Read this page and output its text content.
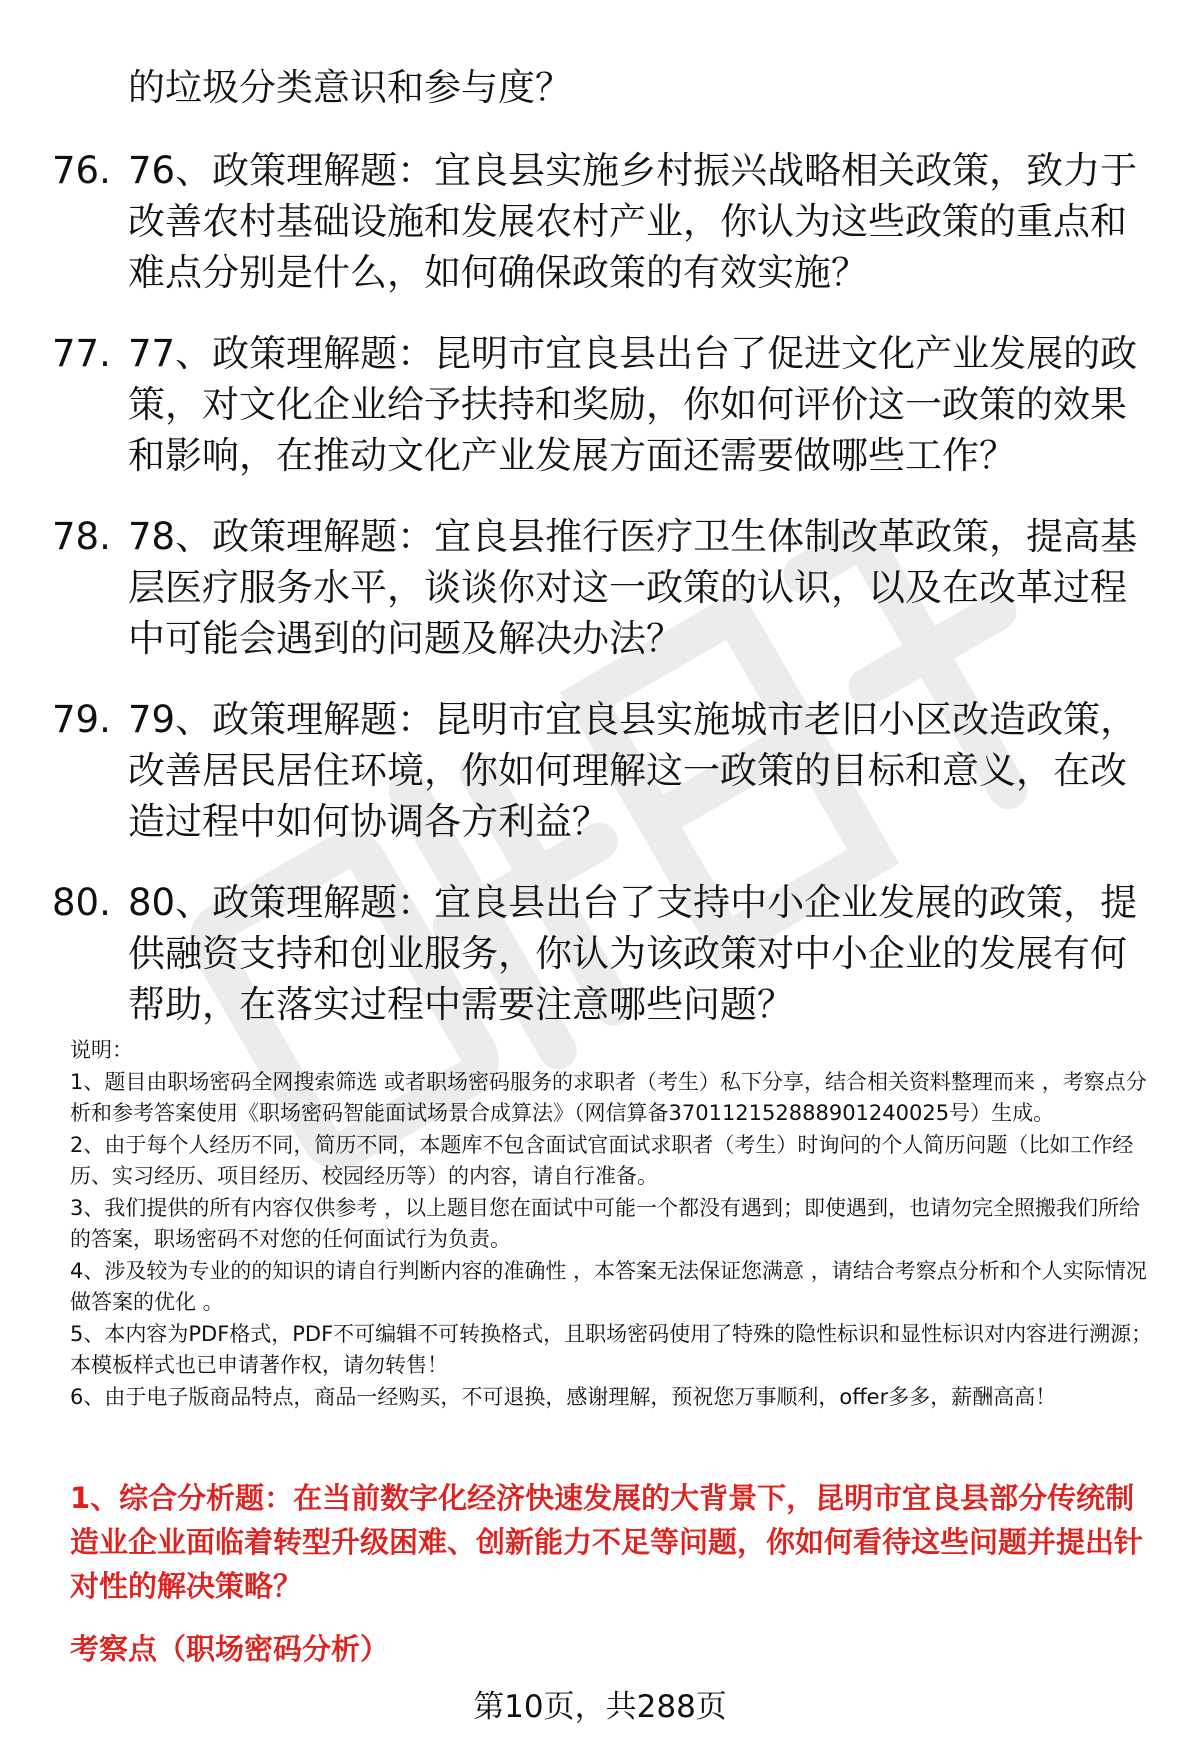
的垃圾分类意识和参与度？
76. 76、政策理解题：宜良县实施乡村振兴战略相关政策，致力于改善农村基础设施和发展农村产业，你认为这些政策的重点和难点分别是什么，如何确保政策的有效实施？
77. 77、政策理解题：昆明市宜良县出台了促进文化产业发展的政策，对文化企业给予扶持和奖励，你如何评价这一政策的效果和影响，在推动文化产业发展方面还需要做哪些工作？
78. 78、政策理解题：宜良县推行医疗卫生体制改革政策，提高基层医疗服务水平，谈谈你对这一政策的认识，以及在改革过程中可能会遇到的问题及解决办法？
79. 79、政策理解题：昆明市宜良县实施城市老旧小区改造政策，改善居民居住环境，你如何理解这一政策的目标和意义，在改造过程中如何协调各方利益？
80. 80、政策理解题：宜良县出台了支持中小企业发展的政策，提供融资支持和创业服务，你认为该政策对中小企业的发展有何帮助，在落实过程中需要注意哪些问题？

说明：

1、题目由职场密码全网搜索筛选 或者职场密码服务的求职者（考生）私下分享，结合相关资料整理而来 ，考察点分析和参考答案使用《职场密码智能面试场景合成算法》（网信算备370112152888901240025号）生成。

2、由于每个人经历不同，简历不同，本题库不包含面试官面试求职者（考生）时询问的个人简历问题（比如工作经历、实习经历、项目经历、校园经历等）的内容，请自行准备。

3、我们提供的所有内容仅供参考 ，以上题目您在面试中可能一个都没有遇到；即使遇到，也请勿完全照搬我们所给的答案，职场密码不对您的任何面试行为负责。

4、涉及较为专业的的知识的请自行判断内容的准确性 ，本答案无法保证您满意 ，请结合考察点分析和个人实际情况做答案的优化 。

5、本内容为PDF格式，PDF不可编辑不可转换格式，且职场密码使用了特殊的隐性标识和显性标识对内容进行溯源；本模板样式也已申请著作权，请勿转售！

6、由于电子版商品特点，商品一经购买，不可退换，感谢理解，预祝您万事顺利，offer多多，薪酬高高！

1、综合分析题：在当前数字化经济快速发展的大背景下，昆明市宜良县部分传统制造业企业面临着转型升级困难、创新能力不足等问题，你如何看待这些问题并提出针对性的解决策略？
考察点（职场密码分析）
第10页，共288页
